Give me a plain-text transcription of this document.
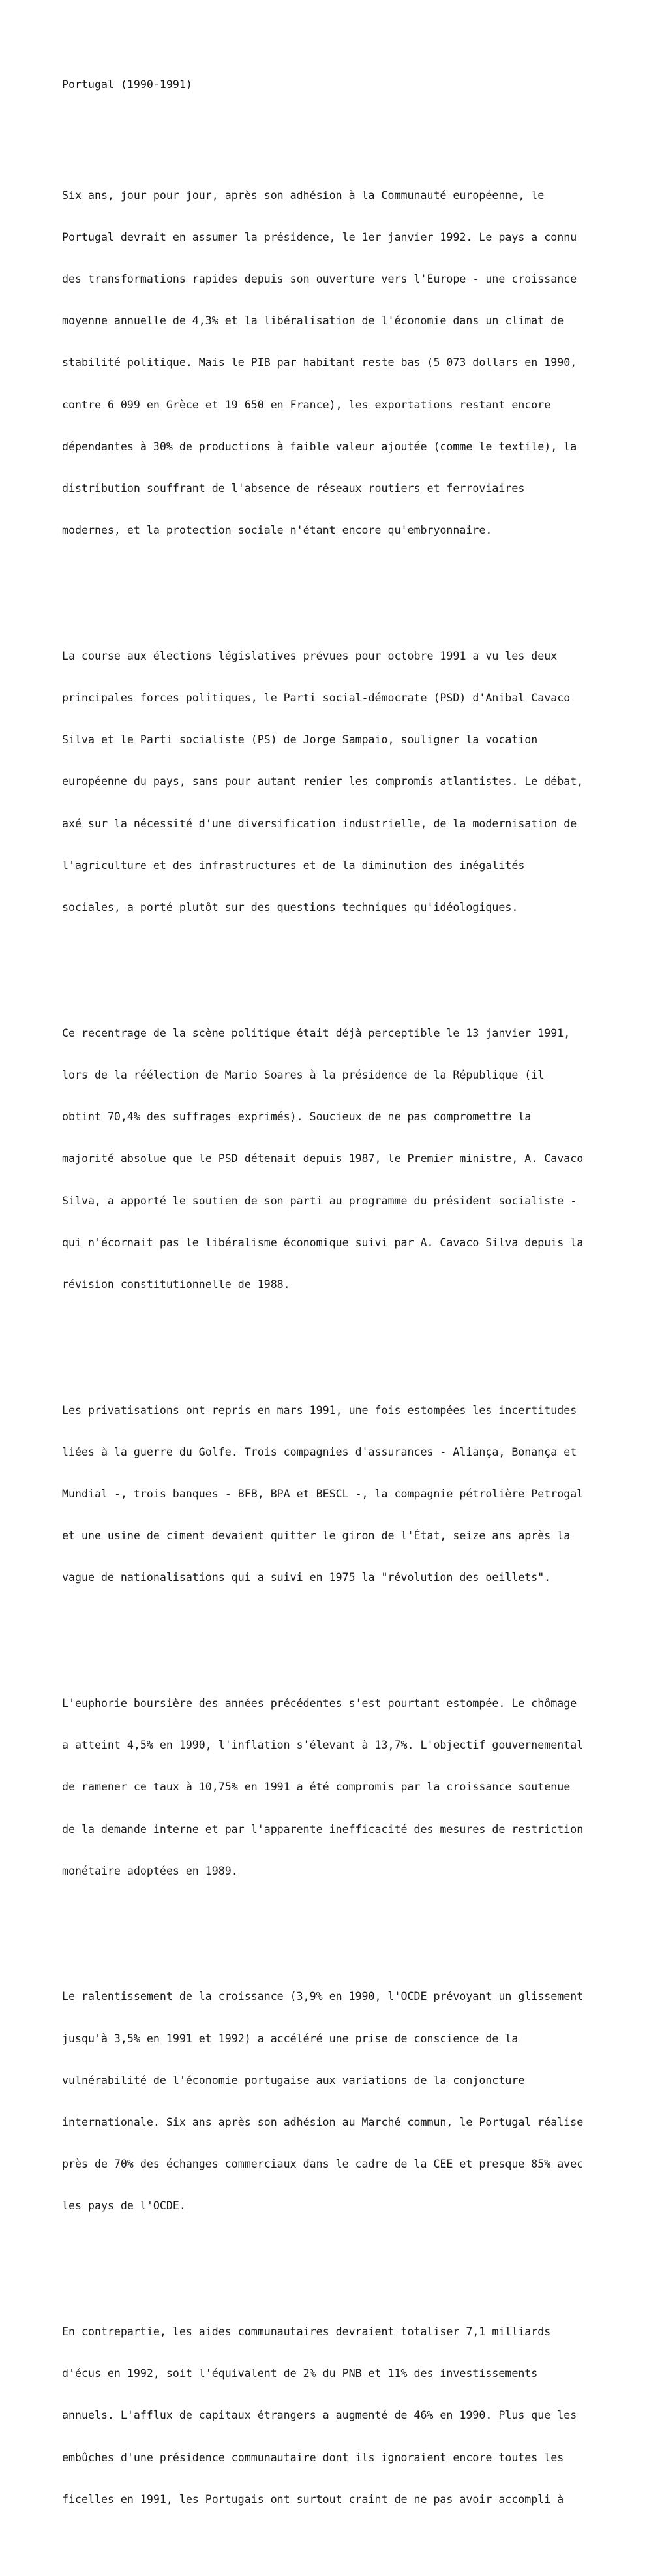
Portugal (1990-1991)

Six ans, jour pour jour, après son adhésion à la Communauté européenne, le

Portugal devrait en assumer la présidence, le 1er janvier 1992. Le pays a connu

des transformations rapides depuis son ouverture vers l'Europe - une croissance

moyenne annuelle de 4,3% et la libéralisation de l'économie dans un climat de

stabilité politique. Mais le PIB par habitant reste bas (5 073 dollars en 1990,

contre 6 099 en Grèce et 19 650 en France), les exportations restant encore

dépendantes à 30% de productions à faible valeur ajoutée (comme le textile), la

distribution souffrant de l'absence de réseaux routiers et ferroviaires

modernes, et la protection sociale n'étant encore qu'embryonnaire.

La course aux élections législatives prévues pour octobre 1991 a vu les deux

principales forces politiques, le Parti social-démocrate (PSD) d'Anibal Cavaco

Silva et le Parti socialiste (PS) de Jorge Sampaio, souligner la vocation

européenne du pays, sans pour autant renier les compromis atlantistes. Le débat,

axé sur la nécessité d'une diversification industrielle, de la modernisation de

l'agriculture et des infrastructures et de la diminution des inégalités

sociales, a porté plutôt sur des questions techniques qu'idéologiques.

Ce recentrage de la scène politique était déjà perceptible le 13 janvier 1991,

lors de la réélection de Mario Soares à la présidence de la République (il

obtint 70,4% des suffrages exprimés). Soucieux de ne pas compromettre la

majorité absolue que le PSD détenait depuis 1987, le Premier ministre, A. Cavaco

Silva, a apporté le soutien de son parti au programme du président socialiste -

qui n'écornait pas le libéralisme économique suivi par A. Cavaco Silva depuis la

révision constitutionnelle de 1988.

Les privatisations ont repris en mars 1991, une fois estompées les incertitudes

liées à la guerre du Golfe. Trois compagnies d'assurances - Aliança, Bonança et

Mundial -, trois banques - BFB, BPA et BESCL -, la compagnie pétrolière Petrogal

et une usine de ciment devaient quitter le giron de l'État, seize ans après la

vague de nationalisations qui a suivi en 1975 la "révolution des oeillets".

L'euphorie boursière des années précédentes s'est pourtant estompée. Le chômage

a atteint 4,5% en 1990, l'inflation s'élevant à 13,7%. L'objectif gouvernemental

de ramener ce taux à 10,75% en 1991 a été compromis par la croissance soutenue

de la demande interne et par l'apparente inefficacité des mesures de restriction

monétaire adoptées en 1989.

Le ralentissement de la croissance (3,9% en 1990, l'OCDE prévoyant un glissement

jusqu'à 3,5% en 1991 et 1992) a accéléré une prise de conscience de la

vulnérabilité de l'économie portugaise aux variations de la conjoncture

internationale. Six ans après son adhésion au Marché commun, le Portugal réalise

près de 70% des échanges commerciaux dans le cadre de la CEE et presque 85% avec

les pays de l'OCDE.

En contrepartie, les aides communautaires devraient totaliser 7,1 milliards

d'écus en 1992, soit l'équivalent de 2% du PNB et 11% des investissements

annuels. L'afflux de capitaux étrangers a augmenté de 46% en 1990. Plus que les

embûches d'une présidence communautaire dont ils ignoraient encore toutes les

ficelles en 1991, les Portugais ont surtout craint de ne pas avoir accompli à
